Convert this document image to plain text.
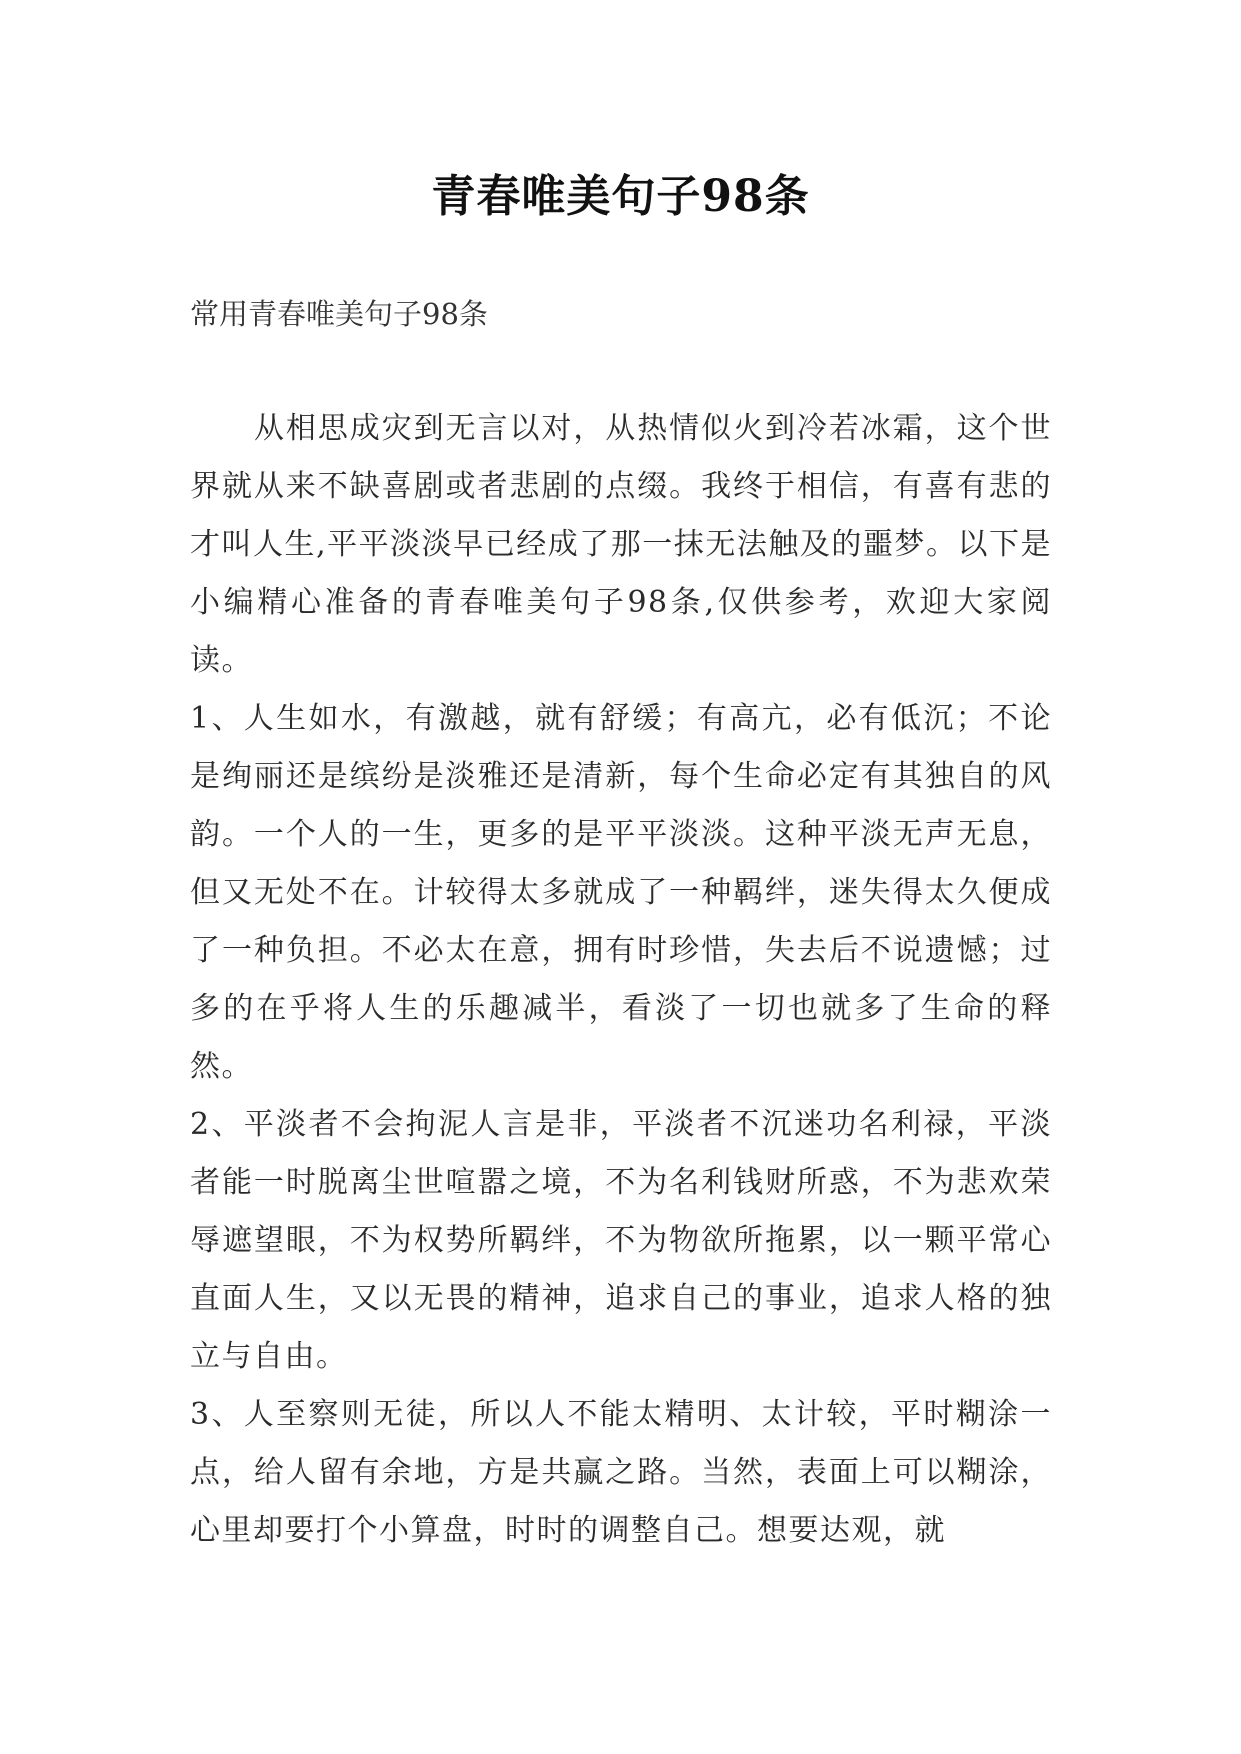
青春唯美句子98条

常用青春唯美句子98条

从相思成灾到无言以对，从热情似火到冷若冰霜，这个世界就从来不缺喜剧或者悲剧的点缀。我终于相信，有喜有悲的才叫人生,平平淡淡早已经成了那一抹无法触及的噩梦。以下是小编精心准备的青春唯美句子98条,仅供参考，欢迎大家阅读。

1、人生如水，有激越，就有舒缓；有高亢，必有低沉；不论是绚丽还是缤纷是淡雅还是清新，每个生命必定有其独自的风韵。一个人的一生，更多的是平平淡淡。这种平淡无声无息，但又无处不在。计较得太多就成了一种羁绊，迷失得太久便成了一种负担。不必太在意，拥有时珍惜，失去后不说遗憾；过多的在乎将人生的乐趣减半，看淡了一切也就多了生命的释然。

2、平淡者不会拘泥人言是非，平淡者不沉迷功名利禄，平淡者能一时脱离尘世喧嚣之境，不为名利钱财所惑，不为悲欢荣辱遮望眼，不为权势所羁绊，不为物欲所拖累，以一颗平常心直面人生，又以无畏的精神，追求自己的事业，追求人格的独立与自由。

3、人至察则无徒，所以人不能太精明、太计较，平时糊涂一点，给人留有余地，方是共赢之路。当然，表面上可以糊涂，心里却要打个小算盘，时时的调整自己。想要达观，就
